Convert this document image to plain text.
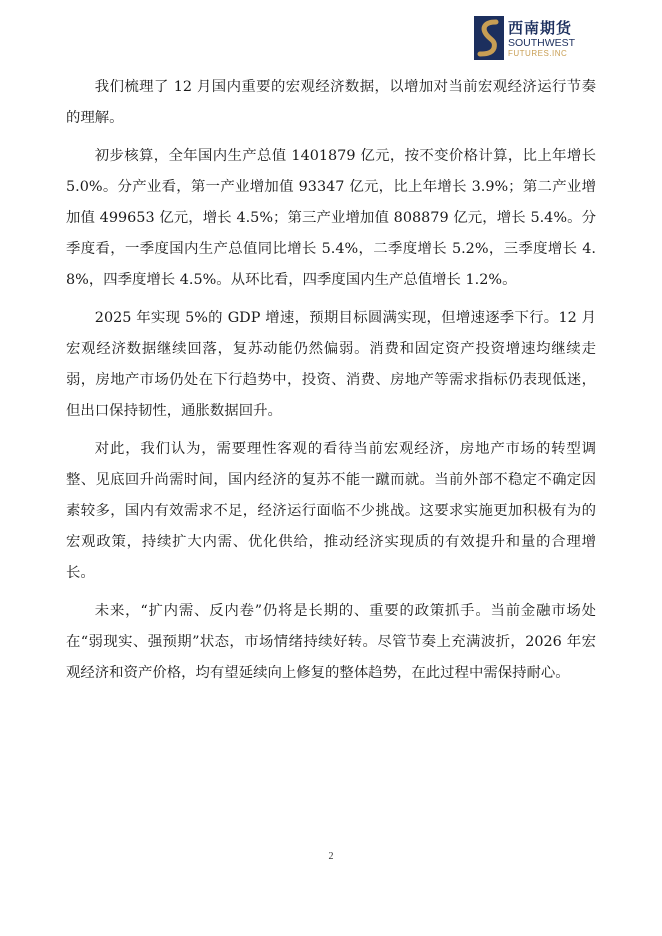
西南期货
SOUTHWEST
FUTURES.INC

我们梳理了 12 月国内重要的宏观经济数据，以增加对当前宏观经济运行节奏的理解。

初步核算，全年国内生产总值 1401879 亿元，按不变价格计算，比上年增长 5.0%。分产业看，第一产业增加值 93347 亿元，比上年增长 3.9%；第二产业增加值 499653 亿元，增长 4.5%；第三产业增加值 808879 亿元，增长 5.4%。分季度看，一季度国内生产总值同比增长 5.4%，二季度增长 5.2%，三季度增长 4.8%，四季度增长 4.5%。从环比看，四季度国内生产总值增长 1.2%。

2025 年实现 5%的 GDP 增速，预期目标圆满实现，但增速逐季下行。12 月宏观经济数据继续回落，复苏动能仍然偏弱。消费和固定资产投资增速均继续走弱，房地产市场仍处在下行趋势中，投资、消费、房地产等需求指标仍表现低迷，但出口保持韧性，通胀数据回升。

对此，我们认为，需要理性客观的看待当前宏观经济，房地产市场的转型调整、见底回升尚需时间，国内经济的复苏不能一蹴而就。当前外部不稳定不确定因素较多，国内有效需求不足，经济运行面临不少挑战。这要求实施更加积极有为的宏观政策，持续扩大内需、优化供给，推动经济实现质的有效提升和量的合理增长。

未来，“扩内需、反内卷”仍将是长期的、重要的政策抓手。当前金融市场处在“弱现实、强预期”状态，市场情绪持续好转。尽管节奏上充满波折，2026 年宏观经济和资产价格，均有望延续向上修复的整体趋势，在此过程中需保持耐心。

2
